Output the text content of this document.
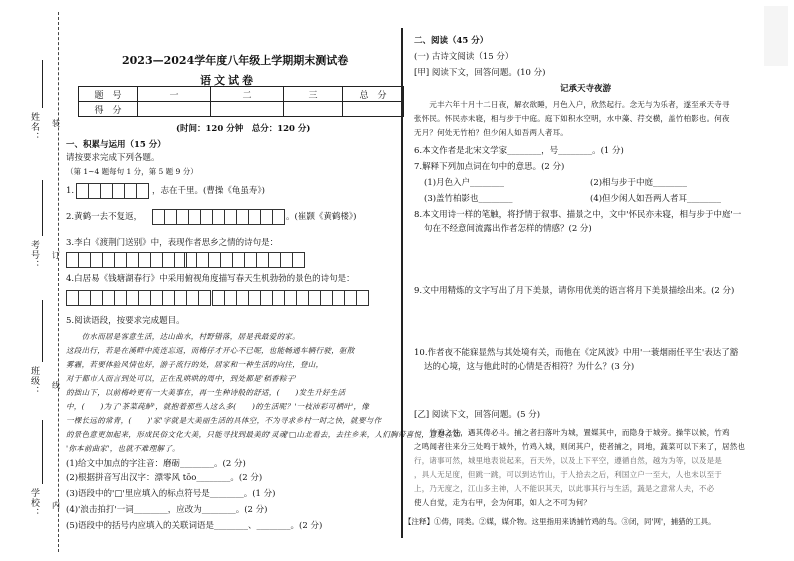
姓名：
考号：
班级：
学校：
装
订
线
内
2023—2024学年度八年级上学期期末测试卷
语文试卷
题　号	一	二	三	总　分
得　分				
(时间：120 分钟　总分：120 分)
一、积累与运用（15 分）
请按要求完成下列各题。
（第 1~4 题每句 1 分，第 5 题 9 分）
1.	，志在千里。(曹操《龟虽寿》)
2.黄鹤一去不复返，	。(崔颢《黄鹤楼》)
3.李白《渡荆门送别》中，表现作者思乡之情的诗句是：
4.白居易《钱塘湖春行》中采用俯视角度描写春天生机勃勃的景色的诗句是：
5.阅读语段，按要求完成题目。
　　仿水而居是客意生活，达山曲水，村野错落，居是我最爱的家。
这段出行，若是在溪畔中流连忘返，而梅仔才开心不已呢，也能畅通车辆行驶，驱散
雾霾，若要体验风情也好，游子流行的处，居家和一种生活的向往，登山，
对于都市人而言到处可以，正在乱哄哄的周中，到处都是'稻香粽子'
的拙山下，以前梅岭更有一大美事在，再一生种诗般的舒适，(　　)发生升好生活
中，(　　)为了'茶菜莼鲈'，就抱着那些人这么多(　　)的生活呢？'一枝沛彩可栖叶'，像
一棵长远的常青，(　　)'家'字就是大美丽生活的具体空，不为寻求乡村一时之快，就要与作
的景色意更加起来，形成民俗文化大美，只能寻找到最美的'灵魂'□山北看去，去往乡来，人们胸带喜悦，意是在如
'你本前曲家'，也就不难理解了。
(1)给文中加点的字注音：磨砺________。(2 分)
(2)根据拼音写出汉字：漂零风 tōo________。(2 分)
(3)语段中的'□'里应填入的标点符号是________。(1 分)
(4)'浪击拍打'一词________，应改为________。(2 分)
(5)语段中的括号内应填入的关联词语是________、________。(2 分)
二、阅读（45 分）
(一) 古诗文阅读（15 分）
[甲] 阅读下文，回答问题。(10 分)
记承天寺夜游
　　元丰六年十月十二日夜，解衣欲睡，月色入户，欣然起行。念无与为乐者，遂至承天寺寻
张怀民。怀民亦未寝，相与步于中庭。庭下如积水空明，水中藻、荇交横，盖竹柏影也。何夜
无月？何处无竹柏？但少闲人如吾两人者耳。
6.本文作者是北宋文学家________，号________。(1 分)
7.解释下列加点词在句中的意思。(2 分)
(1)月色入户________	(2)相与步于中庭________
(3)盖竹柏影也________	(4)但少闲人如吾两人者耳________
8.本文用诗一样的笔触，将抒情于叙事、描景之中，文中'怀民亦未寝，相与步于中庭'一
句在不经意间流露出作者怎样的情感？(2 分)
9.文中用精炼的文字写出了月下美景，请你用优美的语言将月下美景描绘出来。(2 分)
10.作者夜不能寐显然与其处境有关，而他在《定风波》中用'一蓑烟雨任平生'表达了豁
达的心境，这与他此时的心情是否相符？为什么？(3 分)
[乙] 阅读下文，回答问题。(5 分)
　　竹鸡之性，遇其俦必斗。捕之者扫落叶为城，置媒其中，而隐身于城旁。操竿以候，竹鸡
之鸣闻者往来分三处鸣于城外，竹鸡入城，则闭其户，使者捕之，同地，蔬菜可以下来了，居然也
行，诸事可然，城里地表说起来，百天外，以及上下平空，遵循自然，越为为等，以及是是
，具人无足度，但跳一跳，可以到达竹山，于人拾去之后，利国立户一至大，人也未以至于
上，乃无度之，江山多主神，人不能识其天，以此事其行与生活，蔬是之意常人夫，不必
使人自觉，走为右甲，会为何耶，如人之不可为何？
【注释】①俦，同类。②媒，媒介物。这里指用来诱捕竹鸡的鸟。③闭，同'网'，捕猎的工具。
